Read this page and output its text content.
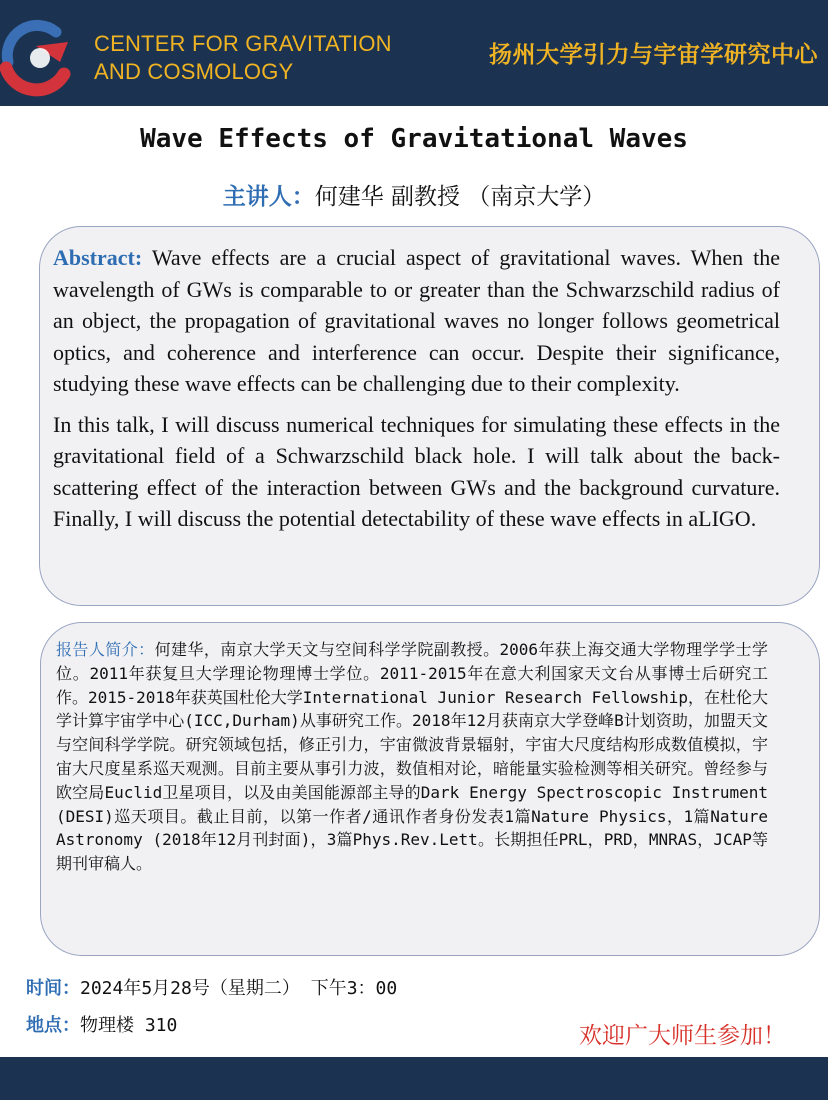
CENTER FOR GRAVITATION
AND COSMOLOGY
扬州大学引力与宇宙学研究中心
Wave Effects of Gravitational Waves
主讲人：何建华 副教授 （南京大学）

Abstract: Wave effects are a crucial aspect of gravitational waves. When the wavelength of GWs is comparable to or greater than the Schwarzschild radius of an object, the propagation of gravitational waves no longer follows geometrical optics, and coherence and interference can occur. Despite their significance, studying these wave effects can be challenging due to their complexity.

In this talk, I will discuss numerical techniques for simulating these effects in the gravitational field of a Schwarzschild black hole. I will talk about the back-scattering effect of the interaction between GWs and the background curvature. Finally, I will discuss the potential detectability of these wave effects in aLIGO.

报告人简介：何建华，南京大学天文与空间科学学院副教授。2006年获上海交通大学物理学学士学位。2011年获复旦大学理论物理博士学位。2011-2015年在意大利国家天文台从事博士后研究工作。2015-2018年获英国杜伦大学International Junior Research Fellowship，在杜伦大学计算宇宙学中心(ICC,Durham)从事研究工作。2018年12月获南京大学登峰B计划资助，加盟天文与空间科学学院。研究领域包括，修正引力，宇宙微波背景辐射，宇宙大尺度结构形成数值模拟，宇宙大尺度星系巡天观测。目前主要从事引力波，数值相对论，暗能量实验检测等相关研究。曾经参与欧空局Euclid卫星项目，以及由美国能源部主导的Dark Energy Spectroscopic Instrument (DESI)巡天项目。截止目前，以第一作者/通讯作者身份发表1篇Nature Physics，1篇Nature Astronomy (2018年12月刊封面)，3篇Phys.Rev.Lett。长期担任PRL，PRD，MNRAS，JCAP等期刊审稿人。
时间：2024年5月28号（星期二） 下午3：00
地点：物理楼 310	欢迎广大师生参加！
